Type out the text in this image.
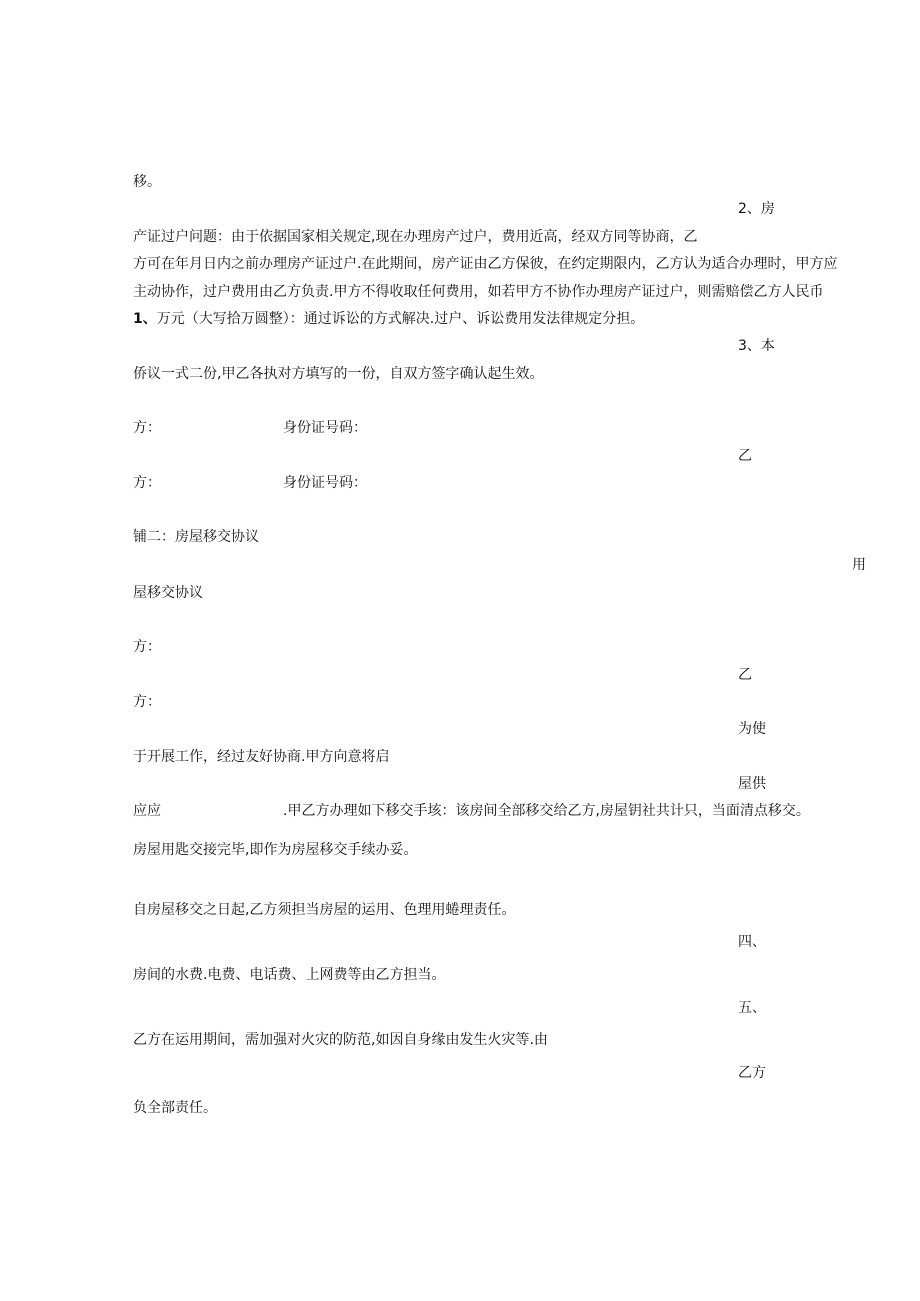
移。
2、房
产证过户问题：由于依据国家相关规定,现在办理房产过户，费用近高，经双方同等协商，乙
方可在年月日内之前办理房产证过户.在此期间，房产证由乙方保彼，在约定期限内，乙方认为适合办理时，甲方应
主动协作，过户费用由乙方负责.甲方不得收取任何费用，如若甲方不协作办理房产证过户，则需赔偿乙方人民币
1、万元（大写拾万圆整）：通过诉讼的方式解决.过户、诉讼费用发法律规定分担。
3、本
侨议一式二份,甲乙各执对方填写的一份，自双方签字确认起生效。
方：	身份证号码：
乙
方：	身份证号码：
铺二：房屋移交协议
用
屋移交协议
方：
乙
方：
为使
于开展工作，经过友好协商.甲方向意将启
屋供
应应	.甲乙方办理如下移交手垓：该房间全部移交给乙方,房屋钥社共计只，当面清点移交。
房屋用匙交接完毕,即作为房屋移交手续办妥。
自房屋移交之日起,乙方须担当房屋的运用、色理用蜷理责任。
四、
房间的水费.电费、电话费、上网费等由乙方担当。
五、
乙方在运用期间，需加强对火灾的防范,如因自身缘由发生火灾等.由
乙方
负全部责任。
